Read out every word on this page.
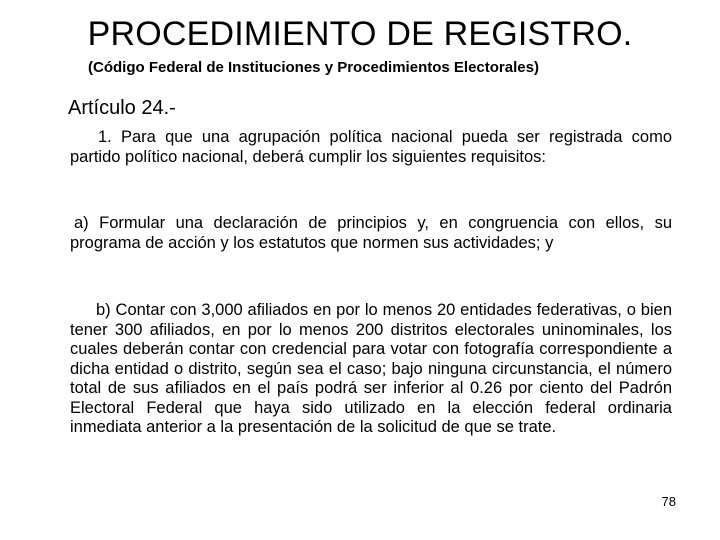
PROCEDIMIENTO DE REGISTRO.

(Código Federal de Instituciones y Procedimientos Electorales)

Artículo 24.-

1. Para que una agrupación política nacional pueda ser registrada como partido político nacional, deberá cumplir los siguientes requisitos:

a) Formular una declaración de principios y, en congruencia con ellos, su programa de acción y los estatutos que normen sus actividades; y

b) Contar con 3,000 afiliados en por lo menos 20 entidades federativas, o bien tener 300 afiliados, en por lo menos 200 distritos electorales uninominales, los cuales deberán contar con credencial para votar con fotografía correspondiente a dicha entidad o distrito, según sea el caso; bajo ninguna circunstancia, el número total de sus afiliados en el país podrá ser inferior al 0.26 por ciento del Padrón Electoral Federal que haya sido utilizado en la elección federal ordinaria inmediata anterior a la presentación de la solicitud de que se trate.

78
